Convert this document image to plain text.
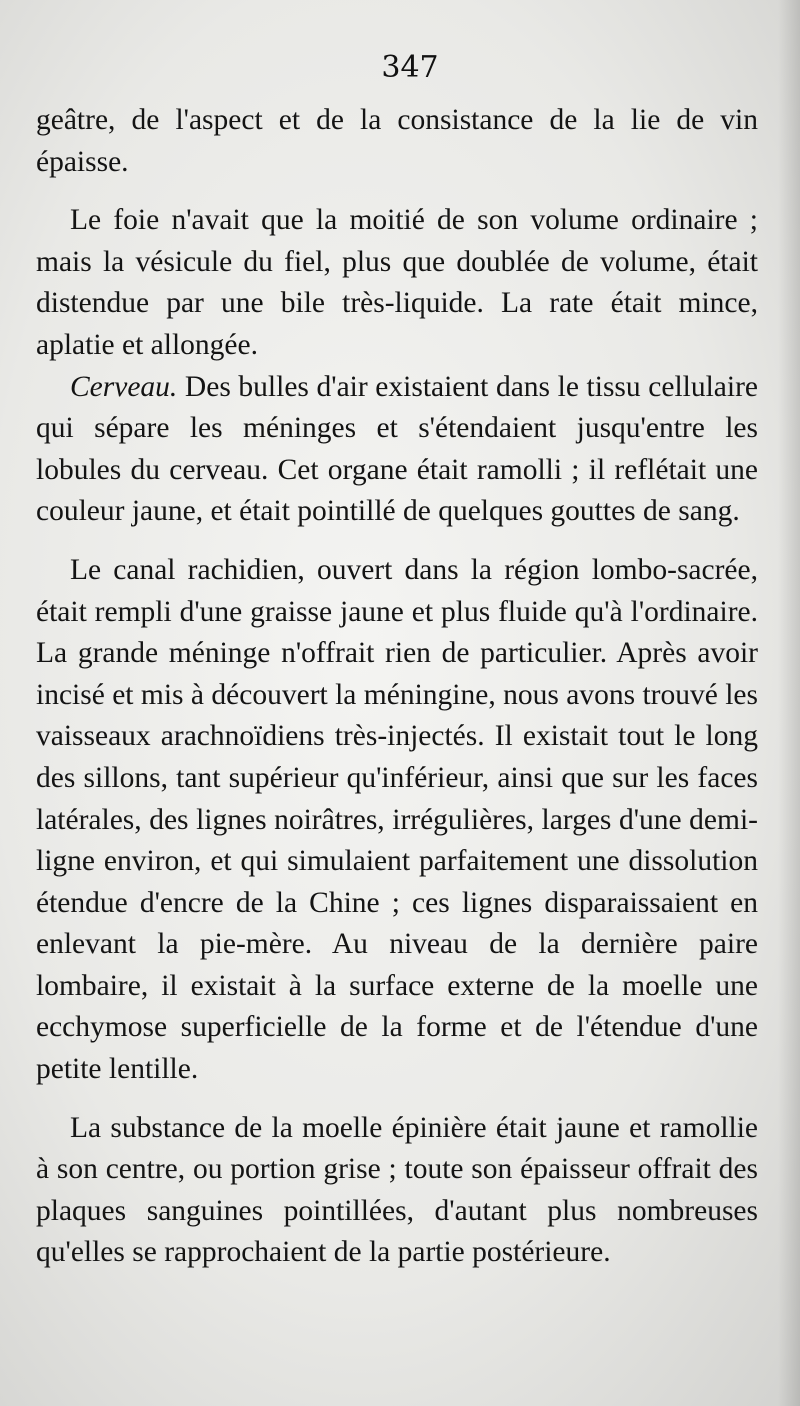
347

geâtre, de l'aspect et de la consistance de la lie de vin épaisse.

Le foie n'avait que la moitié de son volume ordinaire ; mais la vésicule du fiel, plus que doublée de volume, était distendue par une bile très-liquide. La rate était mince, aplatie et allongée.

Cerveau. Des bulles d'air existaient dans le tissu cellulaire qui sépare les méninges et s'étendaient jusqu'entre les lobules du cerveau. Cet organe était ramolli ; il reflétait une couleur jaune, et était pointillé de quelques gouttes de sang.

Le canal rachidien, ouvert dans la région lombo-sacrée, était rempli d'une graisse jaune et plus fluide qu'à l'ordinaire. La grande méninge n'offrait rien de particulier. Après avoir incisé et mis à découvert la méningine, nous avons trouvé les vaisseaux arachnoïdiens très-injectés. Il existait tout le long des sillons, tant supérieur qu'inférieur, ainsi que sur les faces latérales, des lignes noirâtres, irrégulières, larges d'une demi-ligne environ, et qui simulaient parfaitement une dissolution étendue d'encre de la Chine ; ces lignes disparaissaient en enlevant la pie-mère. Au niveau de la dernière paire lombaire, il existait à la surface externe de la moelle une ecchymose superficielle de la forme et de l'étendue d'une petite lentille.

La substance de la moelle épinière était jaune et ramollie à son centre, ou portion grise ; toute son épaisseur offrait des plaques sanguines pointillées, d'autant plus nombreuses qu'elles se rapprochaient de la partie postérieure.
